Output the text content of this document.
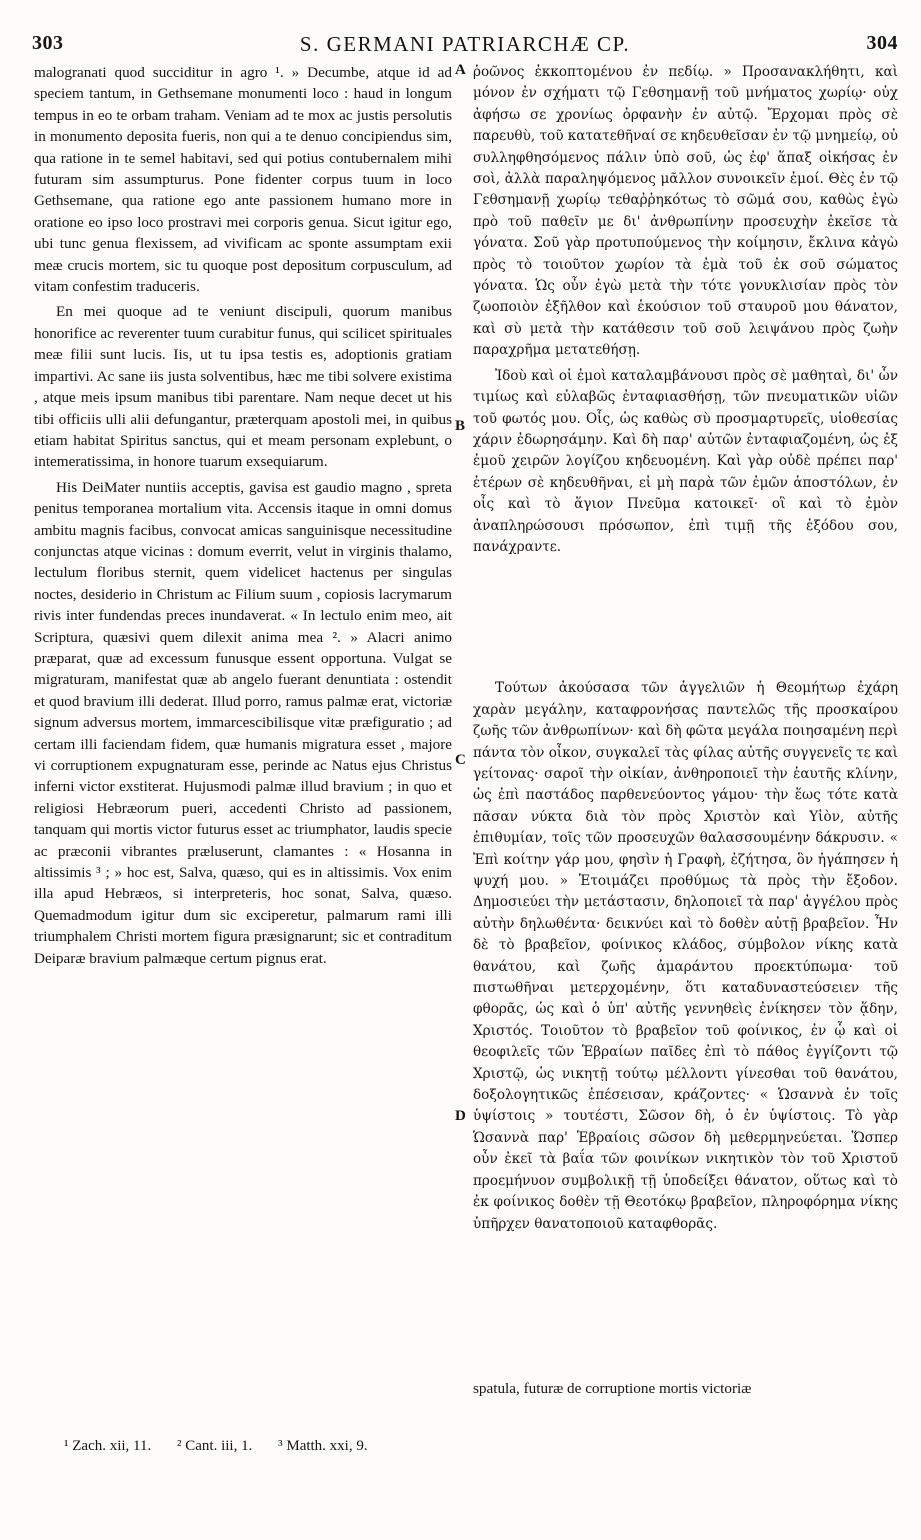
303	S. GERMANI PATRIARCHÆ CP.	304

malogranati quod succiditur in agro ¹. » Decumbe, atque id ad speciem tantum, in Gethsemane monumenti loco : haud in longum tempus in eo te orbam traham. Veniam ad te mox ac justis persolutis in monumento deposita fueris, non qui a te denuo concipiendus sim, qua ratione in te semel habitavi, sed qui potius contubernalem mihi futuram sim assumpturus. Pone fidenter corpus tuum in loco Gethsemane, qua ratione ego ante passionem humano more in oratione eo ipso loco prostravi mei corporis genua. Sicut igitur ego, ubi tunc genua flexissem, ad vivificam ac sponte assumptam exii meæ crucis mortem, sic tu quoque post depositum corpusculum, ad vitam confestim traduceris.

En mei quoque ad te veniunt discipuli, quorum manibus honorifice ac reverenter tuum curabitur funus, qui scilicet spirituales meæ filii sunt lucis. Iis, ut tu ipsa testis es, adoptionis gratiam impartivi. Ac sane iis justa solventibus, hæc me tibi solvere existima , atque meis ipsum manibus tibi parentare. Nam neque decet ut his tibi officiis ulli alii defungantur, præterquam apostoli mei, in quibus etiam habitat Spiritus sanctus, qui et meam personam explebunt, o intemeratissima, in honore tuarum exsequiarum.

His DeiMater nuntiis acceptis, gavisa est gaudio magno , spreta penitus temporanea mortalium vita. Accensis itaque in omni domus ambitu magnis facibus, convocat amicas sanguinisque necessitudine conjunctas atque vicinas : domum everrit, velut in virginis thalamo, lectulum floribus sternit, quem videlicet hactenus per singulas noctes, desiderio in Christum ac Filium suum , copiosis lacrymarum rivis inter fundendas preces inundaverat. « In lectulo enim meo, ait Scriptura, quæsivi quem dilexit anima mea ². » Alacri animo præparat, quæ ad excessum funusque essent opportuna. Vulgat se migraturam, manifestat quæ ab angelo fuerant denuntiata : ostendit et quod bravium illi dederat. Illud porro, ramus palmæ erat, victoriæ signum adversus mortem, immarcescibilisque vitæ præfiguratio ; ad certam illi faciendam fidem, quæ humanis migratura esset , majore vi corruptionem expugnaturam esse, perinde ac Natus ejus Christus inferni victor exstiterat. Hujusmodi palmæ illud bravium ; in quo et religiosi Hebræorum pueri, accedenti Christo ad passionem, tanquam qui mortis victor futurus esset ac triumphator, laudis specie ac præconii vibrantes præluserunt, clamantes : « Hosanna in altissimis ³ ; » hoc est, Salva, quæso, qui es in altissimis. Vox enim illa apud Hebræos, si interpreteris, hoc sonat, Salva, quæso. Quemadmodum igitur dum sic exciperetur, palmarum rami illi triumphalem Christi mortem figura præsignarunt; sic et contraditum Deiparæ bravium palmæque certum pignus erat.

A
B
C
D

ῥοῶνος ἐκκοπτομένου ἐν πεδίῳ. » Προσανακλήθητι, καὶ μόνον ἐν σχήματι τῷ Γεθσημανῇ τοῦ μνήματος χωρίῳ· οὐχ ἀφήσω σε χρονίως ὀρφανὴν ἐν αὐτῷ. Ἔρχομαι πρὸς σὲ παρευθὺ, τοῦ κατατεθῆναί σε κηδευθεῖσαν ἐν τῷ μνημείῳ, οὐ συλληφθησόμενος πάλιν ὑπὸ σοῦ, ὡς ἐφ' ἅπαξ οἰκήσας ἐν σοὶ, ἀλλὰ παραληψόμενος μᾶλλον συνοικεῖν ἐμοί. Θὲς ἐν τῷ Γεθσημανῇ χωρίῳ τεθαῤῥηκότως τὸ σῶμά σου, καθὼς ἐγὼ πρὸ τοῦ παθεῖν με δι' ἀνθρωπίνην προσευχὴν ἐκεῖσε τὰ γόνατα. Σοῦ γὰρ προτυπούμενος τὴν κοίμησιν, ἔκλινα κἀγὼ πρὸς τὸ τοιοῦτον χωρίον τὰ ἐμὰ τοῦ ἐκ σοῦ σώματος γόνατα. Ὡς οὖν ἐγὼ μετὰ τὴν τότε γονυκλισίαν πρὸς τὸν ζωοποιὸν ἐξῆλθον καὶ ἑκούσιον τοῦ σταυροῦ μου θάνατον, καὶ σὺ μετὰ τὴν κατάθεσιν τοῦ σοῦ λειψάνου πρὸς ζωὴν παραχρῆμα μετατεθήσῃ.

Ἰδοὺ καὶ οἱ ἐμοὶ καταλαμβάνουσι πρὸς σὲ μαθηταὶ, δι' ὧν τιμίως καὶ εὐλαβῶς ἐνταφιασθήσῃ, τῶν πνευματικῶν υἱῶν τοῦ φωτός μου. Οἷς, ὡς καθὼς σὺ προσμαρτυρεῖς, υἱοθεσίας χάριν ἐδωρησάμην. Καὶ δὴ παρ' αὐτῶν ἐνταφιαζομένη, ὡς ἐξ ἐμοῦ χειρῶν λογίζου κηδευομένη. Καὶ γὰρ οὐδὲ πρέπει παρ' ἑτέρων σὲ κηδευθῆναι, εἰ μὴ παρὰ τῶν ἐμῶν ἀποστόλων, ἐν οἷς καὶ τὸ ἅγιον Πνεῦμα κατοικεῖ· οἳ καὶ τὸ ἐμὸν ἀναπληρώσουσι πρόσωπον, ἐπὶ τιμῇ τῆς ἐξόδου σου, πανάχραντε.

Τούτων ἀκούσασα τῶν ἀγγελιῶν ἡ Θεομήτωρ ἐχάρη χαρὰν μεγάλην, καταφρονήσας παντελῶς τῆς προσκαίρου ζωῆς τῶν ἀνθρωπίνων· καὶ δὴ φῶτα μεγάλα ποιησαμένη περὶ πάντα τὸν οἶκον, συγκαλεῖ τὰς φίλας αὐτῆς συγγενεῖς τε καὶ γείτονας· σαροῖ τὴν οἰκίαν, ἀνθηροποιεῖ τὴν ἑαυτῆς κλίνην, ὡς ἐπὶ παστάδος παρθενεύοντος γάμου· τὴν ἕως τότε κατὰ πᾶσαν νύκτα διὰ τὸν πρὸς Χριστὸν καὶ Υἱὸν, αὐτῆς ἐπιθυμίαν, τοῖς τῶν προσευχῶν θαλασσουμένην δάκρυσιν. « Ἐπὶ κοίτην γάρ μου, φησὶν ἡ Γραφὴ, ἐζήτησα, ὃν ἠγάπησεν ἡ ψυχή μου. » Ἑτοιμάζει προθύμως τὰ πρὸς τὴν ἔξοδον. Δημοσιεύει τὴν μετάστασιν, δηλοποιεῖ τὰ παρ' ἀγγέλου πρὸς αὐτὴν δηλωθέντα· δεικνύει καὶ τὸ δοθὲν αὐτῇ βραβεῖον. Ἦν δὲ τὸ βραβεῖον, φοίνικος κλάδος, σύμβολον νίκης κατὰ θανάτου, καὶ ζωῆς ἀμαράντου προεκτύπωμα· τοῦ πιστωθῆναι μετερχομένην, ὅτι καταδυναστεύσειεν τῆς φθορᾶς, ὡς καὶ ὁ ὑπ' αὐτῆς γεννηθεὶς ἐνίκησεν τὸν ᾅδην, Χριστός. Τοιοῦτον τὸ βραβεῖον τοῦ φοίνικος, ἐν ᾧ καὶ οἱ θεοφιλεῖς τῶν Ἑβραίων παῖδες ἐπὶ τὸ πάθος ἐγγίζοντι τῷ Χριστῷ, ὡς νικητῇ τούτῳ μέλλοντι γίνεσθαι τοῦ θανάτου, δοξολογητικῶς ἐπέσεισαν, κράζοντες· « Ὡσαννὰ ἐν τοῖς ὑψίστοις » τουτέστι, Σῶσον δὴ, ὁ ἐν ὑψίστοις. Τὸ γὰρ Ὡσαννὰ παρ' Ἑβραίοις σῶσον δὴ μεθερμηνεύεται. Ὥσπερ οὖν ἐκεῖ τὰ βαΐα τῶν φοινίκων νικητικὸν τὸν τοῦ Χριστοῦ προεμήνυον συμβολικῇ τῇ ὑποδείξει θάνατον, οὕτως καὶ τὸ ἐκ φοίνικος δοθὲν τῇ Θεοτόκῳ βραβεῖον, πληροφόρημα νίκης ὑπῆρχεν θανατοποιοῦ καταφθορᾶς.

spatula, futuræ de corruptione mortis victoriæ
¹ Zach. xii, 11. ² Cant. iii, 1. ³ Matth. xxi, 9.
